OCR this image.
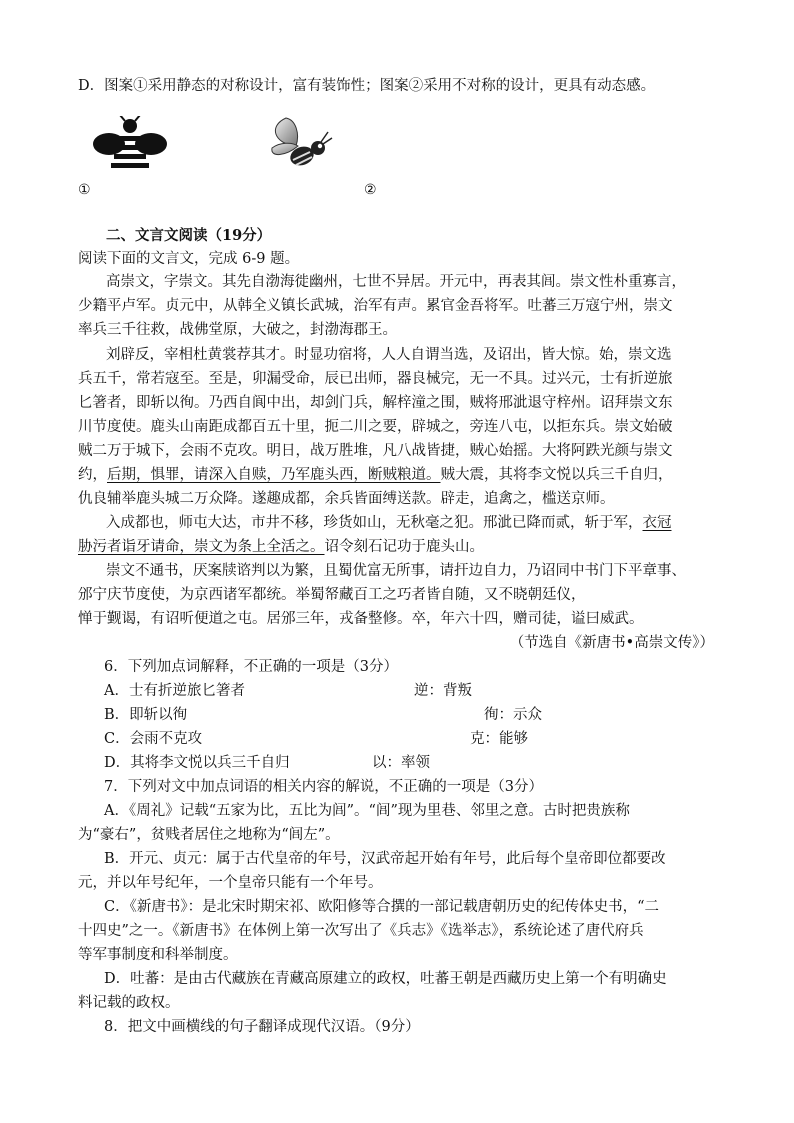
D．图案①采用静态的对称设计，富有装饰性；图案②采用不对称的设计，更具有动态感。
①	②
二、文言文阅读（19分）
阅读下面的文言文，完成 6-9 题。
高崇文，字崇文。其先自渤海徙幽州，七世不异居。开元中，再表其闾。崇文性朴重寡言，
少籍平卢军。贞元中，从韩全义镇长武城，治军有声。累官金吾将军。吐蕃三万寇宁州，崇文
率兵三千往救，战佛堂原，大破之，封渤海郡王。
刘辟反，宰相杜黄裳荐其才。时显功宿将，人人自谓当选，及诏出，皆大惊。始，崇文选
兵五千，常若寇至。至是，卯漏受命，辰已出师，器良械完，无一不具。过兴元，士有折逆旅
匕箸者，即斩以徇。乃西自阆中出，却剑门兵，解梓潼之围，贼将邢泚退守梓州。诏拜崇文东
川节度使。鹿头山南距成都百五十里，扼二川之要，辟城之，旁连八屯，以拒东兵。崇文始破
贼二万于城下，会雨不克攻。明日，战万胜堆，凡八战皆捷，贼心始摇。大将阿跌光颜与崇文
约，后期，惧罪，请深入自赎，乃军鹿头西，断贼粮道。贼大震，其将李文悦以兵三千自归，
仇良辅举鹿头城二万众降。遂趣成都，余兵皆面缚送款。辟走，追禽之，槛送京师。
入成都也，师屯大达，市井不移，珍货如山，无秋毫之犯。邢泚已降而贰，斩于军，衣冠
胁污者诣牙请命，崇文为条上全活之。诏令刻石记功于鹿头山。
崇文不通书，厌案牍谘判以为繁，且蜀优富无所事，请扞边自力，乃诏同中书门下平章事、
邠宁庆节度使，为京西诸军都统。举蜀帑藏百工之巧者皆自随，又不晓朝廷仪，
惮于觐谒，有诏听便道之屯。居邠三年，戎备整修。卒，年六十四，赠司徒，谥曰威武。
（节选自《新唐书•高崇文传》）
6．下列加点词解释，不正确的一项是（3分）
A．士有折逆旅匕箸者	逆：背叛
B．即斩以徇	徇：示众
C．会雨不克攻	克：能够
D．其将李文悦以兵三千自归	以：率领
7．下列对文中加点词语的相关内容的解说，不正确的一项是（3分）
A．《周礼》记载“五家为比，五比为闾”。“闾”现为里巷、邻里之意。古时把贵族称
为“豪右”，贫贱者居住之地称为“闾左”。
B．开元、贞元：属于古代皇帝的年号，汉武帝起开始有年号，此后每个皇帝即位都要改
元，并以年号纪年，一个皇帝只能有一个年号。
C．《新唐书》：是北宋时期宋祁、欧阳修等合撰的一部记载唐朝历史的纪传体史书，“二
十四史”之一。《新唐书》在体例上第一次写出了《兵志》《选举志》，系统论述了唐代府兵
等军事制度和科举制度。
D．吐蕃：是由古代藏族在青藏高原建立的政权，吐蕃王朝是西藏历史上第一个有明确史
料记载的政权。
8．把文中画横线的句子翻译成现代汉语。（9分）
